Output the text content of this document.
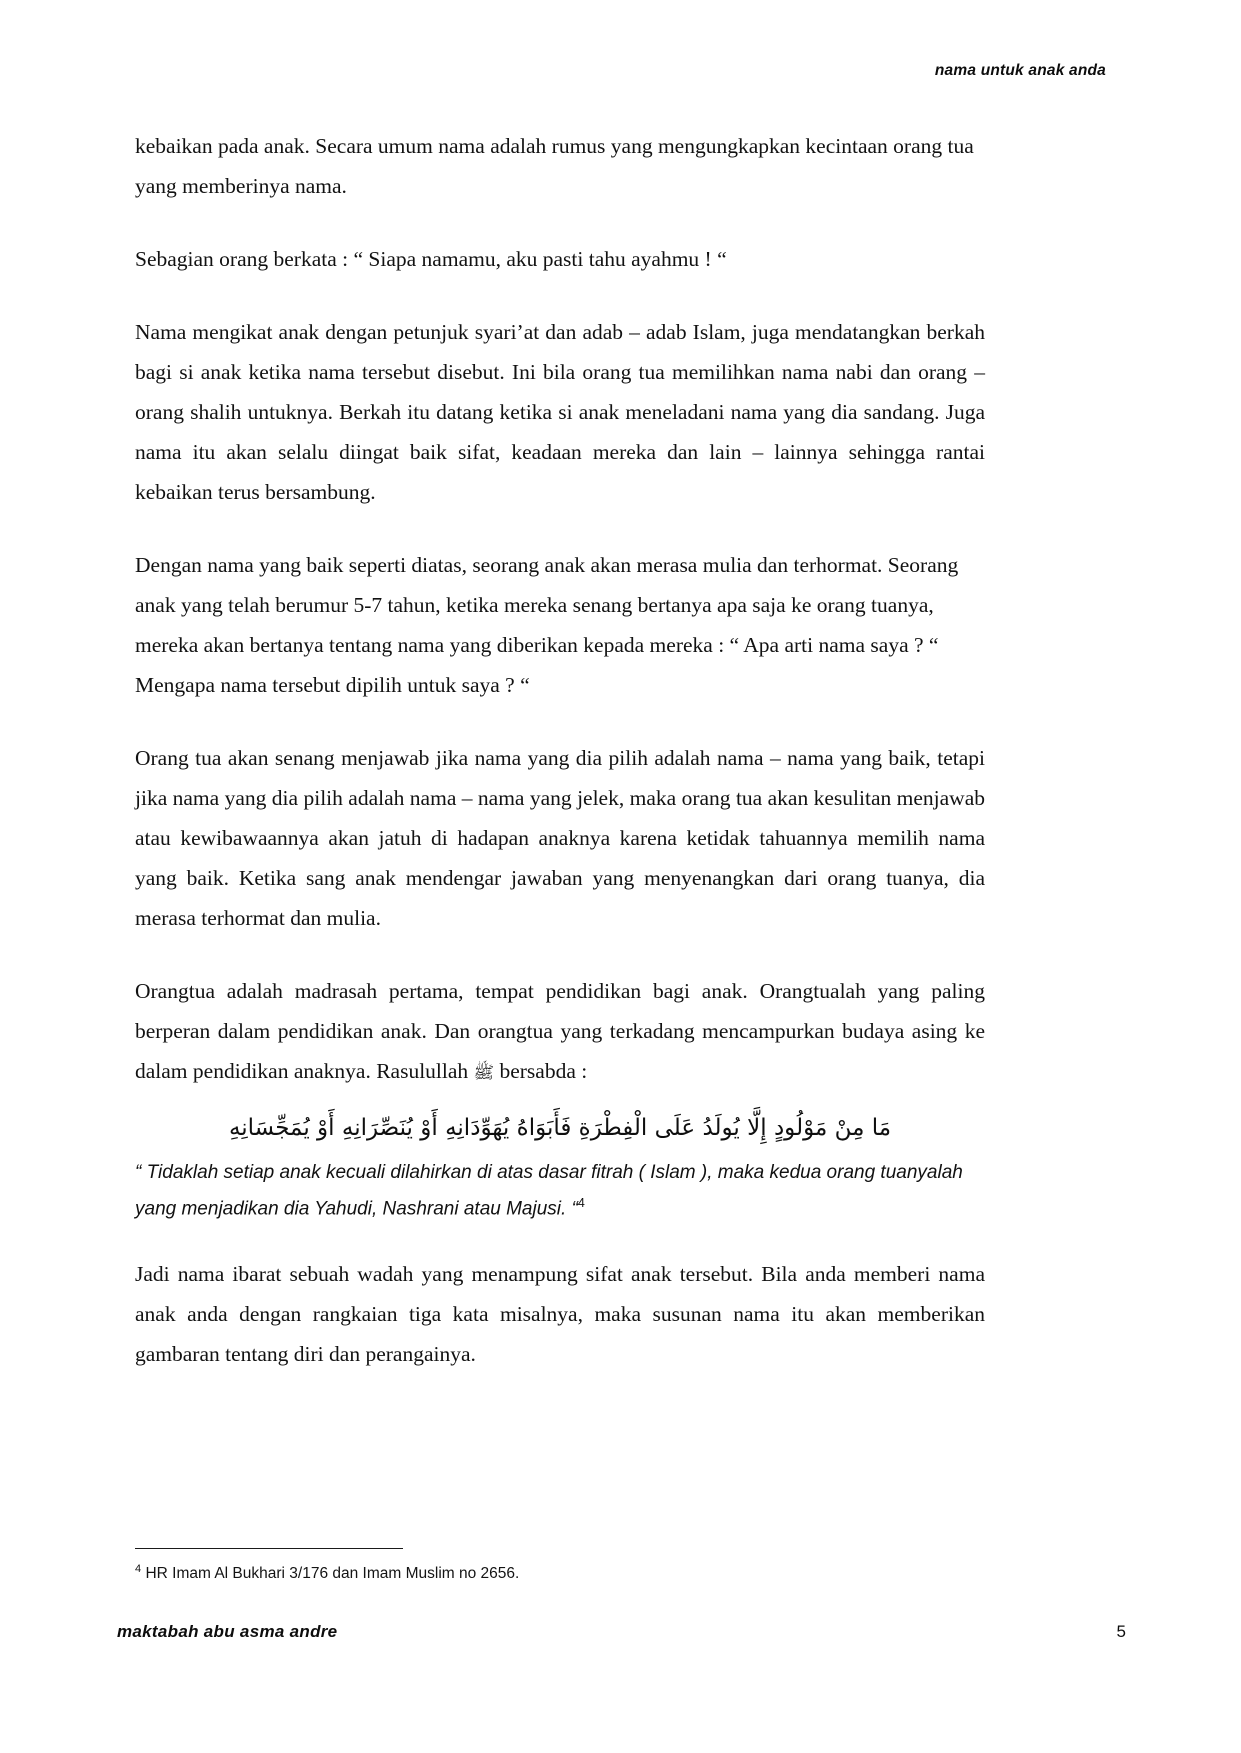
nama untuk anak anda

kebaikan pada anak. Secara umum nama adalah rumus yang mengungkapkan kecintaan orang tua yang memberinya nama.

Sebagian orang berkata : “ Siapa namamu, aku pasti tahu ayahmu ! “

Nama mengikat anak dengan petunjuk syari’at dan adab – adab Islam, juga mendatangkan berkah bagi si anak ketika nama tersebut disebut. Ini bila orang tua memilihkan nama nabi dan orang – orang shalih untuknya. Berkah itu datang ketika si anak meneladani nama yang dia sandang. Juga nama itu akan selalu diingat baik sifat, keadaan mereka dan lain – lainnya sehingga rantai kebaikan terus bersambung.

Dengan nama yang baik seperti diatas, seorang anak akan merasa mulia dan terhormat. Seorang anak yang telah berumur 5-7 tahun, ketika mereka senang bertanya apa saja ke orang tuanya, mereka akan bertanya tentang nama yang diberikan kepada mereka : “ Apa arti nama saya ? “ Mengapa nama tersebut dipilih untuk saya ? “

Orang tua akan senang menjawab jika nama yang dia pilih adalah nama – nama yang baik, tetapi jika nama yang dia pilih adalah nama – nama yang jelek, maka orang tua akan kesulitan menjawab atau kewibawaannya akan jatuh di hadapan anaknya karena ketidak tahuannya memilih nama yang baik. Ketika sang anak mendengar jawaban yang menyenangkan dari orang tuanya, dia merasa terhormat dan mulia.

Orangtua adalah madrasah pertama, tempat pendidikan bagi anak. Orangtualah yang paling berperan dalam pendidikan anak. Dan orangtua yang terkadang mencampurkan budaya asing ke dalam pendidikan anaknya. Rasulullah ﷺ bersabda :

مَا مِنْ مَوْلُودٍ إِلَّا يُولَدُ عَلَى الْفِطْرَةِ فَأَبَوَاهُ يُهَوِّدَانِهِ أَوْ يُنَصِّرَانِهِ أَوْ يُمَجِّسَانِهِ

“ Tidaklah setiap anak kecuali dilahirkan di atas dasar fitrah ( Islam ), maka kedua orang tuanyalah yang menjadikan dia Yahudi, Nashrani atau Majusi. “$^4$

Jadi nama ibarat sebuah wadah yang menampung sifat anak tersebut. Bila anda memberi nama anak anda dengan rangkaian tiga kata misalnya, maka susunan nama itu akan memberikan gambaran tentang diri dan perangainya.

$^4$ HR Imam Al Bukhari 3/176 dan Imam Muslim no 2656.
maktabah abu asma andre	5
